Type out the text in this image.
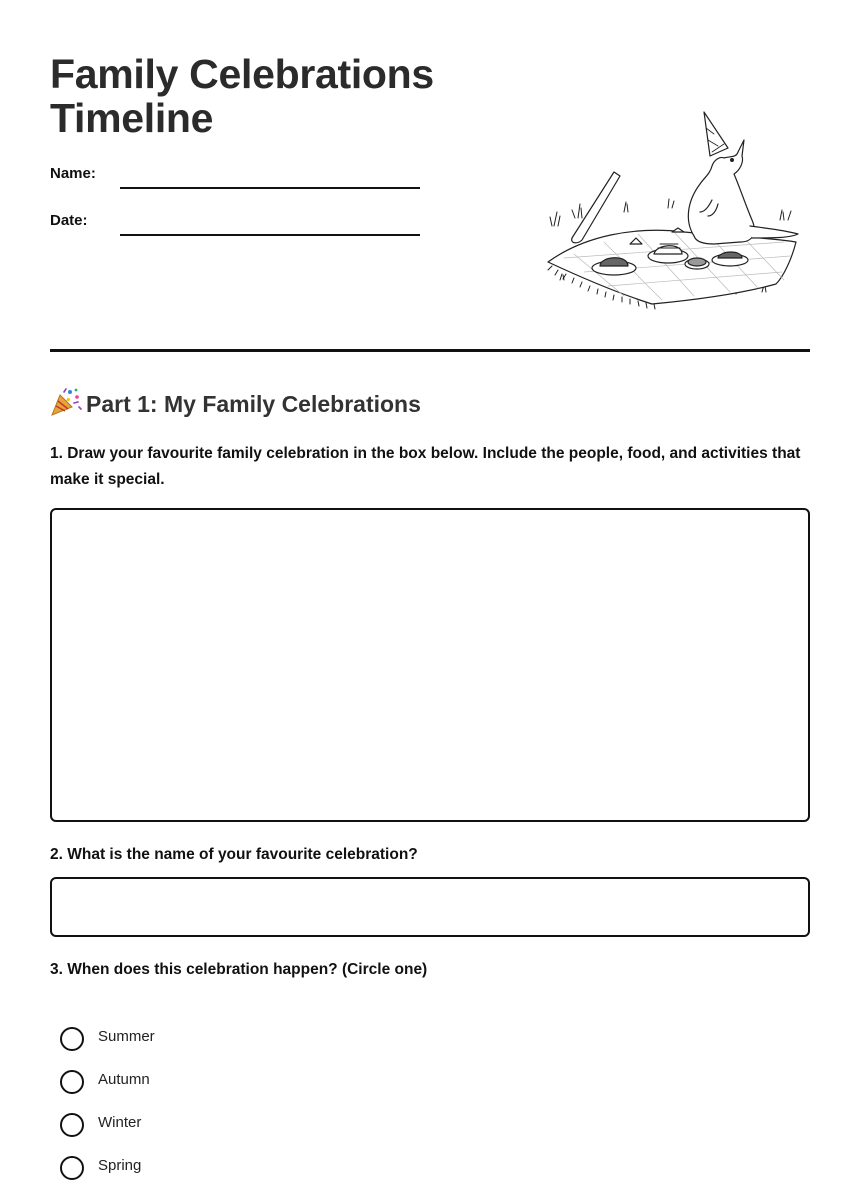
Family Celebrations
Timeline
Name:
Date:
Part 1: My Family Celebrations

1. Draw your favourite family celebration in the box below. Include the people, food, and activities that make it special.

2. What is the name of your favourite celebration?

3. When does this celebration happen? (Circle one)

Summer
Autumn
Winter
Spring
